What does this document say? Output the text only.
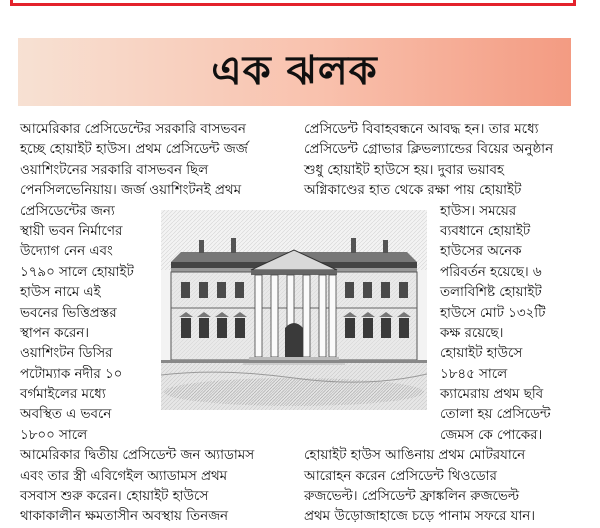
এক ঝলক
আমেরিকার প্রেসিডেন্টের সরকারি বাসভবন
হচ্ছে হোয়াইট হাউস। প্রথম প্রেসিডেন্ট জর্জ
ওয়াশিংটনের সরকারি বাসভবন ছিল
পেনসিলভেনিয়ায়। জর্জ ওয়াশিংটনই প্রথম
প্রেসিডেন্টের জন্য
স্থায়ী ভবন নির্মাণের
উদ্যোগ নেন এবং
১৭৯০ সালে হোয়াইট
হাউস নামে এই
ভবনের ভিত্তিপ্রস্তর
স্থাপন করেন।
ওয়াশিংটন ডিসির
পটোম্যাক নদীর ১০
বর্গমাইলের মধ্যে
অবস্থিত এ ভবনে
১৮০০ সালে
আমেরিকার দ্বিতীয় প্রেসিডেন্ট জন অ্যাডামস
এবং তার স্ত্রী এবিগেইল অ্যাডামস প্রথম
বসবাস শুরু করেন। হোয়াইট হাউসে
থাকাকালীন ক্ষমতাসীন অবস্থায় তিনজন
প্রেসিডেন্ট বিবাহবন্ধনে আবদ্ধ হন। তার মধ্যে
প্রেসিডেন্ট গ্রোভার ক্লিভল্যান্ডের বিয়ের অনুষ্ঠান
শুধু হোয়াইট হাউসে হয়। দুবার ভয়াবহ
অগ্নিকাণ্ডের হাত থেকে রক্ষা পায় হোয়াইট
হাউস। সময়ের
ব্যবধানে হোয়াইট
হাউসের অনেক
পরিবর্তন হয়েছে। ৬
তলাবিশিষ্ট হোয়াইট
হাউসে মোট ১৩২টি
কক্ষ রয়েছে।
হোয়াইট হাউসে
১৮৪৫ সালে
ক্যামেরায় প্রথম ছবি
তোলা হয় প্রেসিডেন্ট
জেমস কে পোকের।
হোয়াইট হাউস আঙিনায় প্রথম মোটরযানে
আরোহন করেন প্রেসিডেন্ট থিওডোর
রুজভেল্ট। প্রেসিডেন্ট ফ্রাঙ্কলিন রুজভেল্ট
প্রথম উড়োজাহাজে চড়ে পানাম সফরে যান।
